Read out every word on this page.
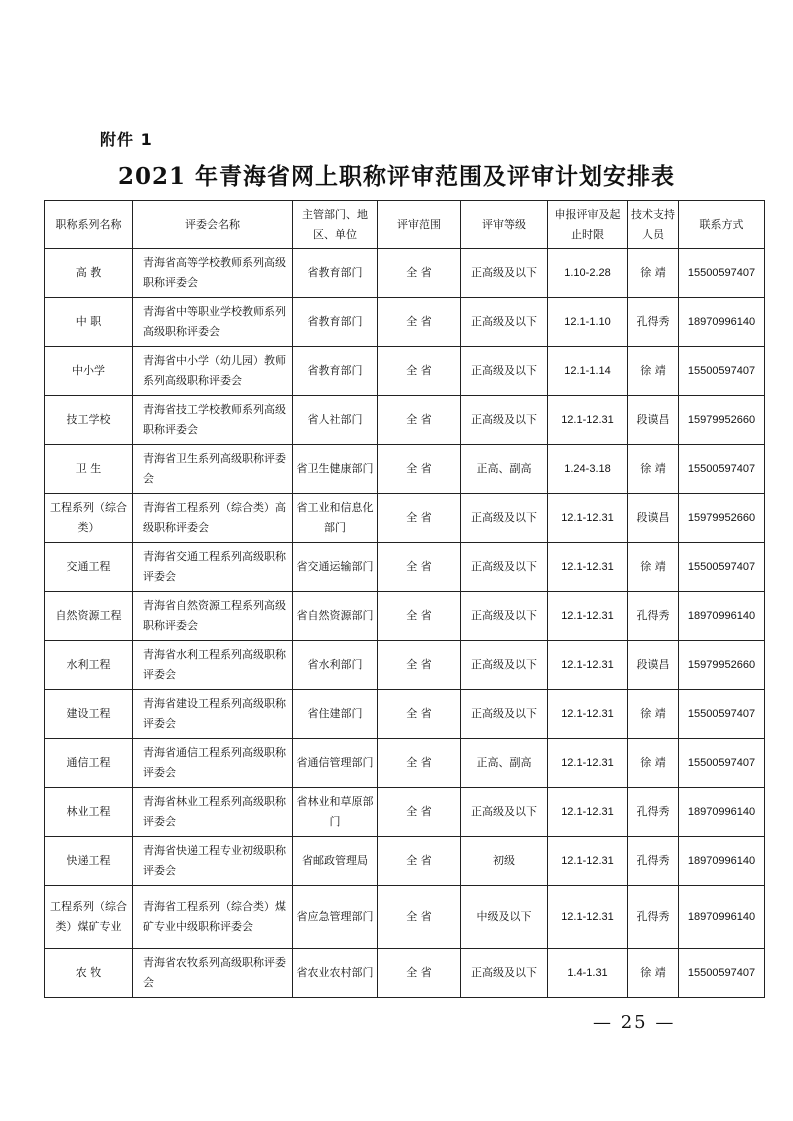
附件 1
2021 年青海省网上职称评审范围及评审计划安排表
职称系列名称	评委会名称	主管部门、地区、单位	评审范围	评审等级	申报评审及起止时限	技术支持人员	联系方式
高 教	青海省高等学校教师系列高级职称评委会	省教育部门	全 省	正高级及以下	1.10-2.28	徐 靖	15500597407
中 职	青海省中等职业学校教师系列高级职称评委会	省教育部门	全 省	正高级及以下	12.1-1.10	孔得秀	18970996140
中小学	青海省中小学（幼儿园）教师系列高级职称评委会	省教育部门	全 省	正高级及以下	12.1-1.14	徐 靖	15500597407
技工学校	青海省技工学校教师系列高级职称评委会	省人社部门	全 省	正高级及以下	12.1-12.31	段谟昌	15979952660
卫 生	青海省卫生系列高级职称评委会	省卫生健康部门	全 省	正高、副高	1.24-3.18	徐 靖	15500597407
工程系列（综合类）	青海省工程系列（综合类）高级职称评委会	省工业和信息化部门	全 省	正高级及以下	12.1-12.31	段谟昌	15979952660
交通工程	青海省交通工程系列高级职称评委会	省交通运输部门	全 省	正高级及以下	12.1-12.31	徐 靖	15500597407
自然资源工程	青海省自然资源工程系列高级职称评委会	省自然资源部门	全 省	正高级及以下	12.1-12.31	孔得秀	18970996140
水利工程	青海省水利工程系列高级职称评委会	省水利部门	全 省	正高级及以下	12.1-12.31	段谟昌	15979952660
建设工程	青海省建设工程系列高级职称评委会	省住建部门	全 省	正高级及以下	12.1-12.31	徐 靖	15500597407
通信工程	青海省通信工程系列高级职称评委会	省通信管理部门	全 省	正高、副高	12.1-12.31	徐 靖	15500597407
林业工程	青海省林业工程系列高级职称评委会	省林业和草原部门	全 省	正高级及以下	12.1-12.31	孔得秀	18970996140
快递工程	青海省快递工程专业初级职称评委会	省邮政管理局	全 省	初级	12.1-12.31	孔得秀	18970996140
工程系列（综合类）煤矿专业	青海省工程系列（综合类）煤矿专业中级职称评委会	省应急管理部门	全 省	中级及以下	12.1-12.31	孔得秀	18970996140
农 牧	青海省农牧系列高级职称评委会	省农业农村部门	全 省	正高级及以下	1.4-1.31	徐 靖	15500597407
— 25 —
